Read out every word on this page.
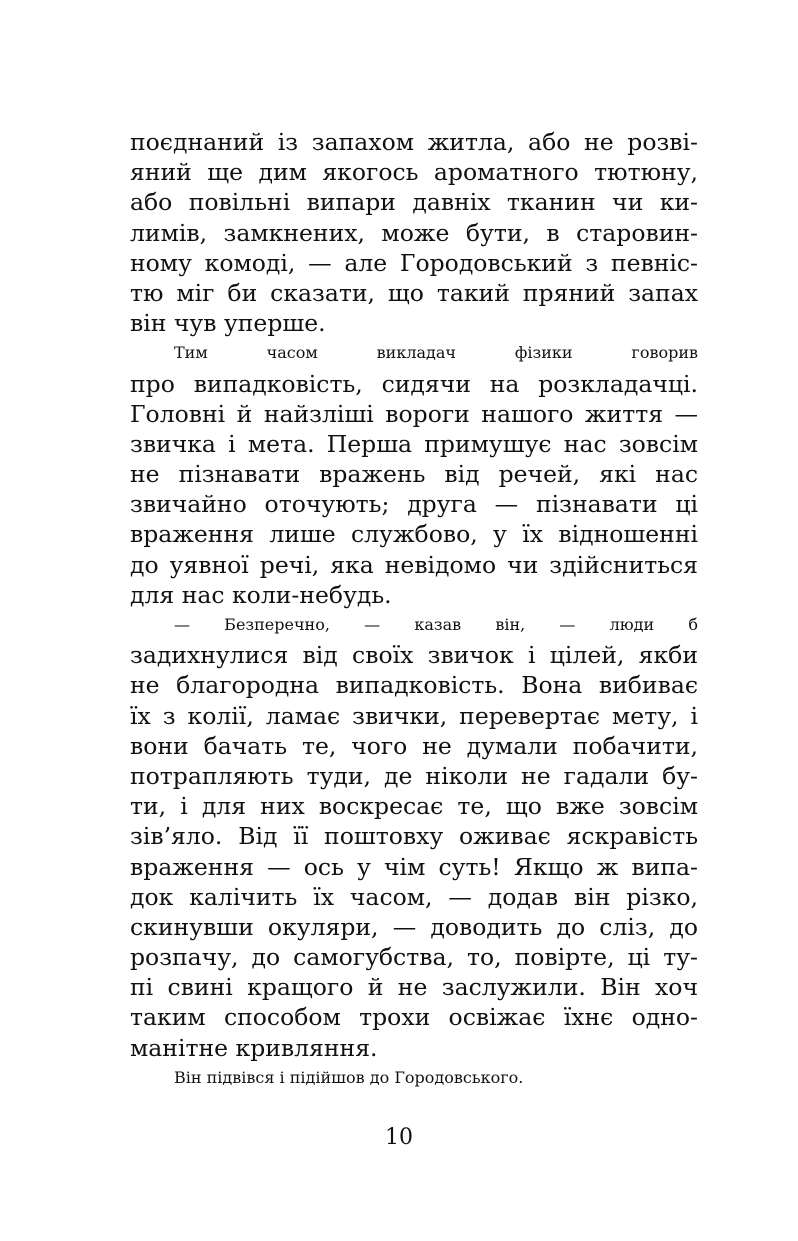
поєднаний із запахом житла, або не розві-
яний ще дим якогось ароматного тютюну,
або повільні випари давніх тканин чи ки-
лимів, замкнених, може бути, в старовин-
ному комоді, — але Городовський з певніс-
тю міг би сказати, що такий пряний запах
він чув уперше.
Тим часом викладач фізики говорив
про випадковість, сидячи на розкладачці.
Головні й найзліші вороги нашого життя —
звичка і мета. Перша примушує нас зовсім
не пізнавати вражень від речей, які нас
звичайно оточують; друга — пізнавати ці
враження лише службово, у їх відношенні
до уявної речі, яка невідомо чи здійсниться
для нас коли-небудь.
— Безперечно, — казав він, — люди б
задихнулися від своїх звичок і цілей, якби
не благородна випадковість. Вона вибиває
їх з колії, ламає звички, перевертає мету, і
вони бачать те, чого не думали побачити,
потрапляють туди, де ніколи не гадали бу-
ти, і для них воскресає те, що вже зовсім
зів’яло. Від її поштовху оживає яскравість
враження — ось у чім суть! Якщо ж випа-
док калічить їх часом, — додав він різко,
скинувши окуляри, — доводить до сліз, до
розпачу, до самогубства, то, повірте, ці ту-
пі свині кращого й не заслужили. Він хоч
таким способом трохи освіжає їхнє одно-
манітне кривляння.
Він підвівся і підійшов до Городовського.
10
